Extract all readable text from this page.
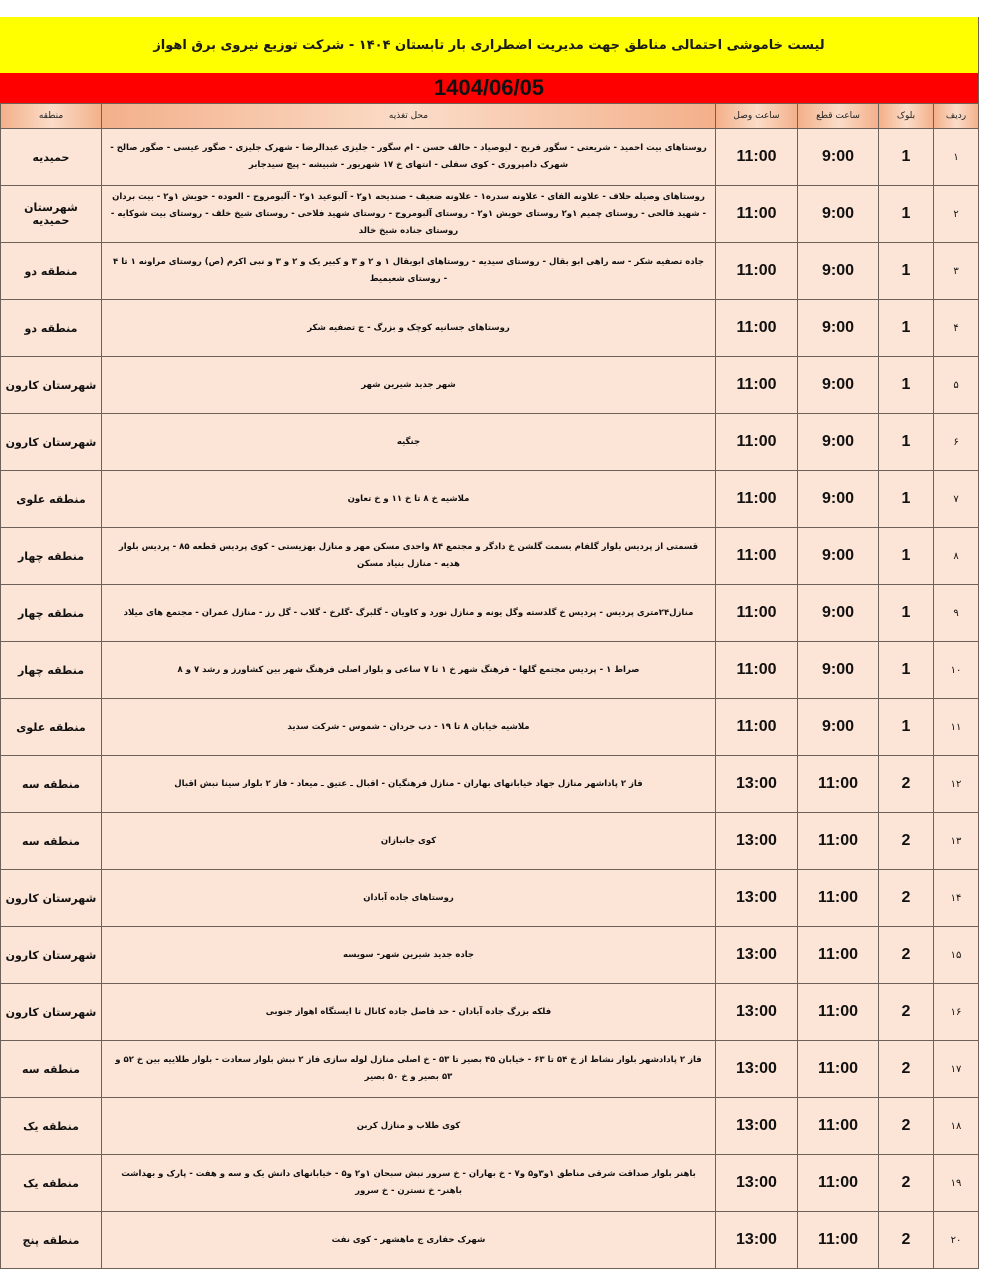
لیست خاموشی احتمالی مناطق جهت مدیریت اضطراری بار تابستان ۱۴۰۴ - شرکت توزیع نیروی برق اهواز
1404/06/05
ردیف	بلوک	ساعت قطع	ساعت وصل	محل تغذیه	منطقه
۱	1	9:00	11:00	روستاهای بیت احمید - شریعتی - سگور فریح - لیوصیاد - حالف حسن - ام سگور - جلیزی عبدالرضا - شهرک جلیزی - صگور عیسی - صگور صالح - شهرک دامپروری - کوی سفلی - انتهای خ ۱۷ شهریور - شبیشه - پیچ سیدجابر	حمیدیه
۲	1	9:00	11:00	روستاهای وصیله حلاف - علاونه الفای - علاونه سدره۱ - علاونه ضعیف - صندیحه ۱و۲ - آلبوعید ۱و۲ - آلبومروح - العوده - حویش ۱و۲ - بیت بردان - شهید فالحی - روستای چمیم ۱و۲ روستای حویش ۱و۲ - روستای آلبومروح - روستای شهید فلاحی - روستای شیخ خلف - روستای بیت شوکایه - روستای جناده شیخ خالد	شهرستان حمیدیه
۳	1	9:00	11:00	جاده تصفیه شکر - سه راهی ابو بقال - روستای سیدیه - روستاهای ابوبقال ۱ و ۲ و ۳ و کبیر یک و ۲ و ۳ و نبی اکرم (ص) روستای مراونه ۱ تا ۴ - روستای شعیمیط	منطقه دو
۴	1	9:00	11:00	روستاهای جسانیه کوچک و بزرگ - ج تصفیه شکر	منطقه دو
۵	1	9:00	11:00	شهر جدید شیرین شهر	شهرستان کارون
۶	1	9:00	11:00	جنگیه	شهرستان کارون
۷	1	9:00	11:00	ملاشیه خ ۸ تا خ ۱۱ و خ تعاون	منطقه علوی
۸	1	9:00	11:00	قسمتی از پردیس بلوار گلفام بسمت گلشن خ دادگر و مجتمع ۸۴ واحدی مسکن مهر و منازل بهزیستی - کوی پردیس قطعه ۸۵ - پردیس بلوار هدیه - منازل بنیاد مسکن	منطقه چهار
۹	1	9:00	11:00	منازل۲۴متری پردیس - پردیس خ گلدسته وگل یونه و منازل نورد و کاویان - گلبرگ -گلرخ - گلاب - گل رز - منازل عمران - مجتمع های میلاد	منطقه چهار
۱۰	1	9:00	11:00	صراط ۱ - پردیس مجتمع گلها - فرهنگ شهر خ ۱ تا ۷ ساعی و بلوار اصلی فرهنگ شهر بین کشاورز و رشد ۷ و ۸	منطقه چهار
۱۱	1	9:00	11:00	ملاشیه خیابان ۸ تا ۱۹ - دب حردان - شموس - شرکت سدید	منطقه علوی
۱۲	2	11:00	13:00	فاز ۲ پاداشهر منازل جهاد خیابانهای بهاران - منازل فرهنگیان - اقبال ـ عتیق ـ میعاد - فاز ۲ بلوار سینا نبش اقبال	منطقه سه
۱۳	2	11:00	13:00	کوی جانبازان	منطقه سه
۱۴	2	11:00	13:00	روستاهای جاده آبادان	شهرستان کارون
۱۵	2	11:00	13:00	جاده جدید شیرین شهر- سویسه	شهرستان کارون
۱۶	2	11:00	13:00	فلکه بزرگ جاده آبادان - حد فاصل جاده کانال تا ایستگاه اهواز جنوبی	شهرستان کارون
۱۷	2	11:00	13:00	فاز ۲ پادادشهر بلوار نشاط از خ ۵۴ تا ۶۳ - خیابان ۴۵ بصیر تا ۵۳ - خ اصلی منازل لوله سازی فاز ۲ نبش بلوار سعادت - بلوار طلاییه بین خ ۵۲ و ۵۳ بصیر و خ ۵۰ بصیر	منطقه سه
۱۸	2	11:00	13:00	کوی طلاب و منازل کربن	منطقه یک
۱۹	2	11:00	13:00	باهنر بلوار صداقت شرقی مناطق ۱و۳و۵ و۷ - خ بهاران - خ سرور نبش سبحان ۱و۲ و۵ - خیابانهای دانش یک و سه و هفت - پارک و بهداشت باهنر- خ نسترن - خ سرور	منطقه یک
۲۰	2	11:00	13:00	شهرک حفاری ج ماهشهر - کوی نفت	منطقه پنج
